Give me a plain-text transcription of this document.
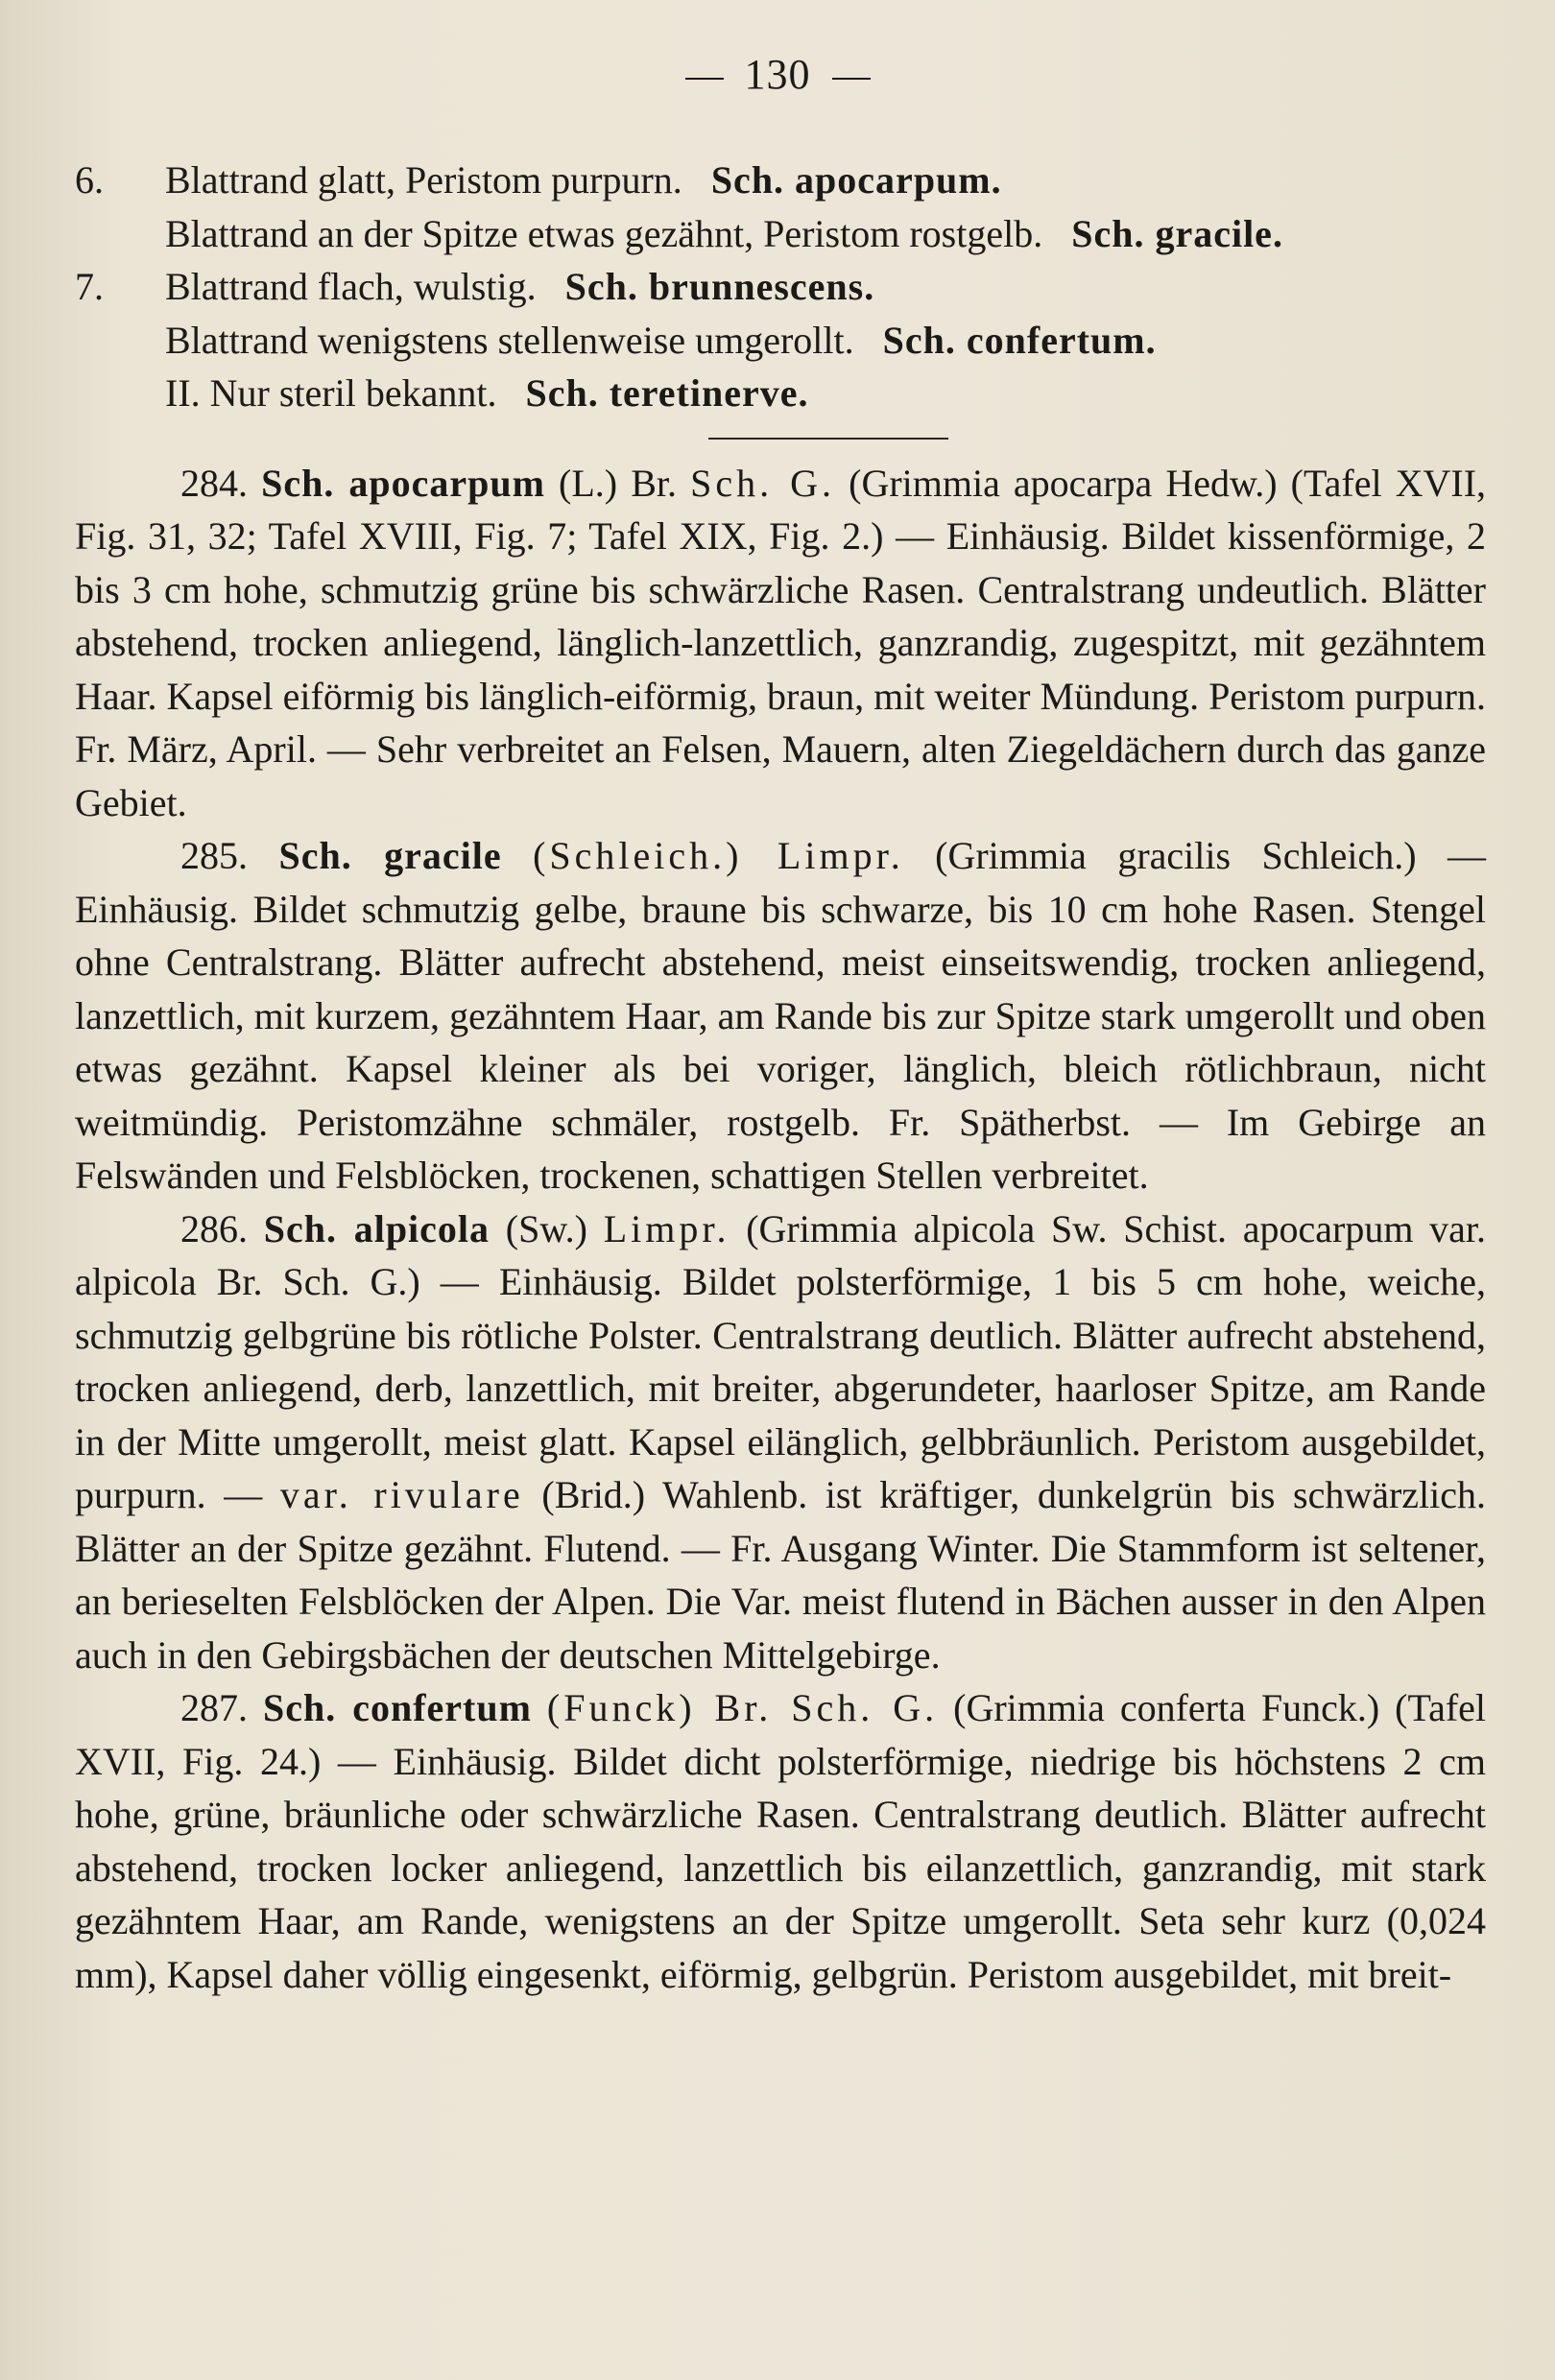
130

6. Blattrand glatt, Peristom purpurn. Sch. apocarpum.

Blattrand an der Spitze etwas gezähnt, Peristom rostgelb. Sch. gracile.

7. Blattrand flach, wulstig. Sch. brunnescens.

Blattrand wenigstens stellenweise umgerollt. Sch. confertum.

II. Nur steril bekannt. Sch. teretinerve.

284. Sch. apocarpum (L.) Br. Sch. G. (Grimmia apocarpa Hedw.) (Tafel XVII, Fig. 31, 32; Tafel XVIII, Fig. 7; Tafel XIX, Fig. 2.) — Einhäusig. Bildet kissenförmige, 2 bis 3 cm hohe, schmutzig grüne bis schwärzliche Rasen. Centralstrang undeutlich. Blätter abstehend, trocken anliegend, länglich-lanzettlich, ganzrandig, zugespitzt, mit gezähntem Haar. Kapsel eiförmig bis länglich-eiförmig, braun, mit weiter Mündung. Peristom purpurn. Fr. März, April. — Sehr verbreitet an Felsen, Mauern, alten Ziegeldächern durch das ganze Gebiet.

285. Sch. gracile (Schleich.) Limpr. (Grimmia gracilis Schleich.) — Einhäusig. Bildet schmutzig gelbe, braune bis schwarze, bis 10 cm hohe Rasen. Stengel ohne Centralstrang. Blätter aufrecht abstehend, meist einseitswendig, trocken anliegend, lanzettlich, mit kurzem, gezähntem Haar, am Rande bis zur Spitze stark umgerollt und oben etwas gezähnt. Kapsel kleiner als bei voriger, länglich, bleich rötlichbraun, nicht weitmündig. Peristomzähne schmäler, rostgelb. Fr. Spätherbst. — Im Gebirge an Felswänden und Felsblöcken, trockenen, schattigen Stellen verbreitet.

286. Sch. alpicola (Sw.) Limpr. (Grimmia alpicola Sw. Schist. apocarpum var. alpicola Br. Sch. G.) — Einhäusig. Bildet polsterförmige, 1 bis 5 cm hohe, weiche, schmutzig gelbgrüne bis rötliche Polster. Centralstrang deutlich. Blätter aufrecht abstehend, trocken anliegend, derb, lanzettlich, mit breiter, abgerundeter, haarloser Spitze, am Rande in der Mitte umgerollt, meist glatt. Kapsel eilänglich, gelbbräunlich. Peristom ausgebildet, purpurn. — var. rivulare (Brid.) Wahlenb. ist kräftiger, dunkelgrün bis schwärzlich. Blätter an der Spitze gezähnt. Flutend. — Fr. Ausgang Winter. Die Stammform ist seltener, an berieselten Felsblöcken der Alpen. Die Var. meist flutend in Bächen ausser in den Alpen auch in den Gebirgsbächen der deutschen Mittelgebirge.

287. Sch. confertum (Funck) Br. Sch. G. (Grimmia conferta Funck.) (Tafel XVII, Fig. 24.) — Einhäusig. Bildet dicht polsterförmige, niedrige bis höchstens 2 cm hohe, grüne, bräunliche oder schwärzliche Rasen. Centralstrang deutlich. Blätter aufrecht abstehend, trocken locker anliegend, lanzettlich bis eilanzettlich, ganzrandig, mit stark gezähntem Haar, am Rande, wenigstens an der Spitze umgerollt. Seta sehr kurz (0,024 mm), Kapsel daher völlig eingesenkt, eiförmig, gelbgrün. Peristom ausgebildet, mit breit-
